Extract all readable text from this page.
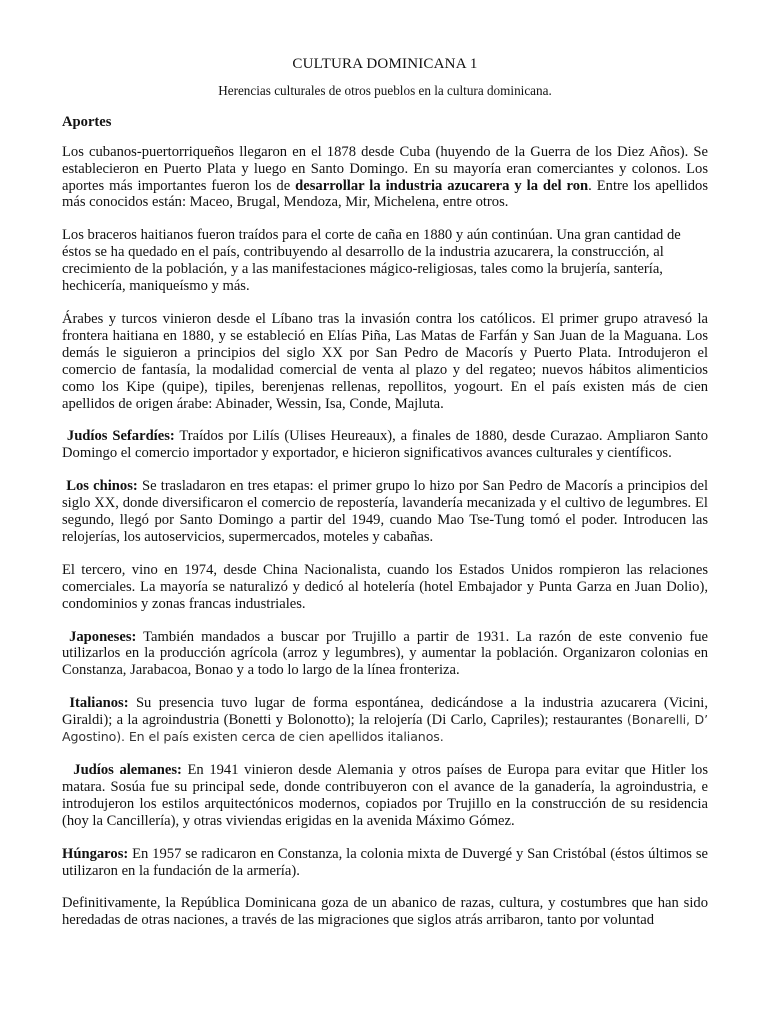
CULTURA DOMINICANA 1
Herencias culturales de otros pueblos en la cultura dominicana.
Aportes

Los cubanos-puertorriqueños llegaron en el 1878 desde Cuba (huyendo de la Guerra de los Diez Años). Se establecieron en Puerto Plata y luego en Santo Domingo. En su mayoría eran comerciantes y colonos. Los aportes más importantes fueron los de desarrollar la industria azucarera y la del ron. Entre los apellidos más conocidos están: Maceo, Brugal, Mendoza, Mir, Michelena, entre otros.

Los braceros haitianos fueron traídos para el corte de caña en 1880 y aún continúan. Una gran cantidad de éstos se ha quedado en el país, contribuyendo al desarrollo de la industria azucarera, la construcción, al crecimiento de la población, y a las manifestaciones mágico-religiosas, tales como la brujería, santería, hechicería, maniqueísmo y más.

Árabes y turcos vinieron desde el Líbano tras la invasión contra los católicos. El primer grupo atravesó la frontera haitiana en 1880, y se estableció en Elías Piña, Las Matas de Farfán y San Juan de la Maguana. Los demás le siguieron a principios del siglo XX por San Pedro de Macorís y Puerto Plata. Introdujeron el comercio de fantasía, la modalidad comercial de venta al plazo y del regateo; nuevos hábitos alimenticios como los Kipe (quipe), tipiles, berenjenas rellenas, repollitos, yogourt. En el país existen más de cien apellidos de origen árabe: Abinader, Wessin, Isa, Conde, Majluta.

Judíos Sefardíes: Traídos por Lilís (Ulises Heureaux), a finales de 1880, desde Curazao. Ampliaron Santo Domingo el comercio importador y exportador, e hicieron significativos avances culturales y científicos.

Los chinos: Se trasladaron en tres etapas: el primer grupo lo hizo por San Pedro de Macorís a principios del siglo XX, donde diversificaron el comercio de repostería, lavandería mecanizada y el cultivo de legumbres. El segundo, llegó por Santo Domingo a partir del 1949, cuando Mao Tse-Tung tomó el poder. Introducen las relojerías, los autoservicios, supermercados, moteles y cabañas.

El tercero, vino en 1974, desde China Nacionalista, cuando los Estados Unidos rompieron las relaciones comerciales. La mayoría se naturalizó y dedicó al hotelería (hotel Embajador y Punta Garza en Juan Dolio), condominios y zonas francas industriales.

Japoneses: También mandados a buscar por Trujillo a partir de 1931. La razón de este convenio fue utilizarlos en la producción agrícola (arroz y legumbres), y aumentar la población. Organizaron colonias en Constanza, Jarabacoa, Bonao y a todo lo largo de la línea fronteriza.

Italianos: Su presencia tuvo lugar de forma espontánea, dedicándose a la industria azucarera (Vicini, Giraldi); a la agroindustria (Bonetti y Bolonotto); la relojería (Di Carlo, Capriles); restaurantes (Bonarelli, D’ Agostino). En el país existen cerca de cien apellidos italianos.

Judíos alemanes: En 1941 vinieron desde Alemania y otros países de Europa para evitar que Hitler los matara. Sosúa fue su principal sede, donde contribuyeron con el avance de la ganadería, la agroindustria, e introdujeron los estilos arquitectónicos modernos, copiados por Trujillo en la construcción de su residencia (hoy la Cancillería), y otras viviendas erigidas en la avenida Máximo Gómez.

Húngaros: En 1957 se radicaron en Constanza, la colonia mixta de Duvergé y San Cristóbal (éstos últimos se utilizaron en la fundación de la armería).

Definitivamente, la República Dominicana goza de un abanico de razas, cultura, y costumbres que han sido heredadas de otras naciones, a través de las migraciones que siglos atrás arribaron, tanto por voluntad
